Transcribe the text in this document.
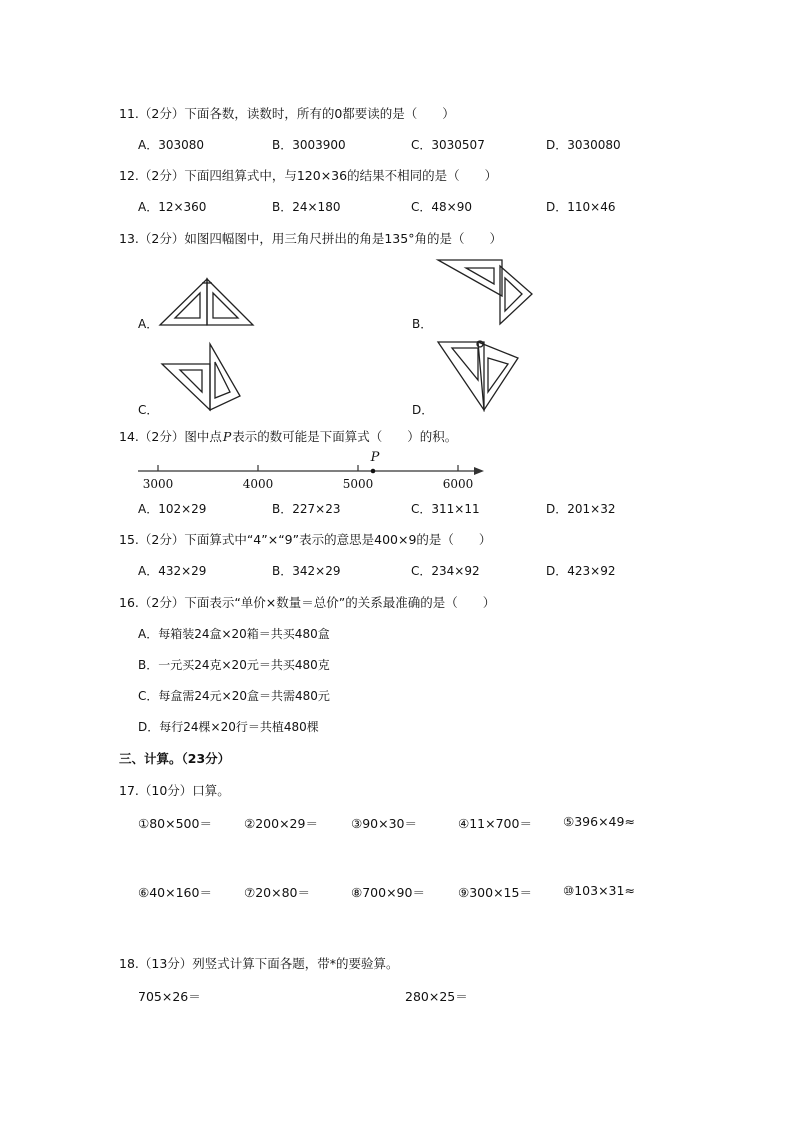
11.（2分）下面各数，读数时，所有的0都要读的是（　　）
A．303080	B．3003900	C．3030507	D．3030080
12.（2分）下面四组算式中，与120×36的结果不相同的是（　　）
A．12×360	B．24×180	C．48×90	D．110×46
13.（2分）如图四幅图中，用三角尺拼出的角是135°角的是（　　）
A．	B．
C．	D．
14.（2分）图中点P表示的数可能是下面算式（　　）的积。
3000	4000	5000	6000
P
A．102×29	B．227×23	C．311×11	D．201×32
15.（2分）下面算式中“4”×“9”表示的意思是400×9的是（　　）
A．432×29	B．342×29	C．234×92	D．423×92
16.（2分）下面表示“单价×数量＝总价”的关系最准确的是（　　）
A．每箱装24盒×20箱＝共买480盒
B．一元买24克×20元＝共买480克
C．每盒需24元×20盒＝共需480元
D．每行24棵×20行＝共植480棵
三、计算。（23分）
17.（10分）口算。
①80×500＝	②200×29＝	③90×30＝	④11×700＝ ⑤396×49≈
⑥40×160＝	⑦20×80＝	⑧700×90＝	⑨300×15＝ ⑩103×31≈
18.（13分）列竖式计算下面各题，带*的要验算。
705×26＝	280×25＝
